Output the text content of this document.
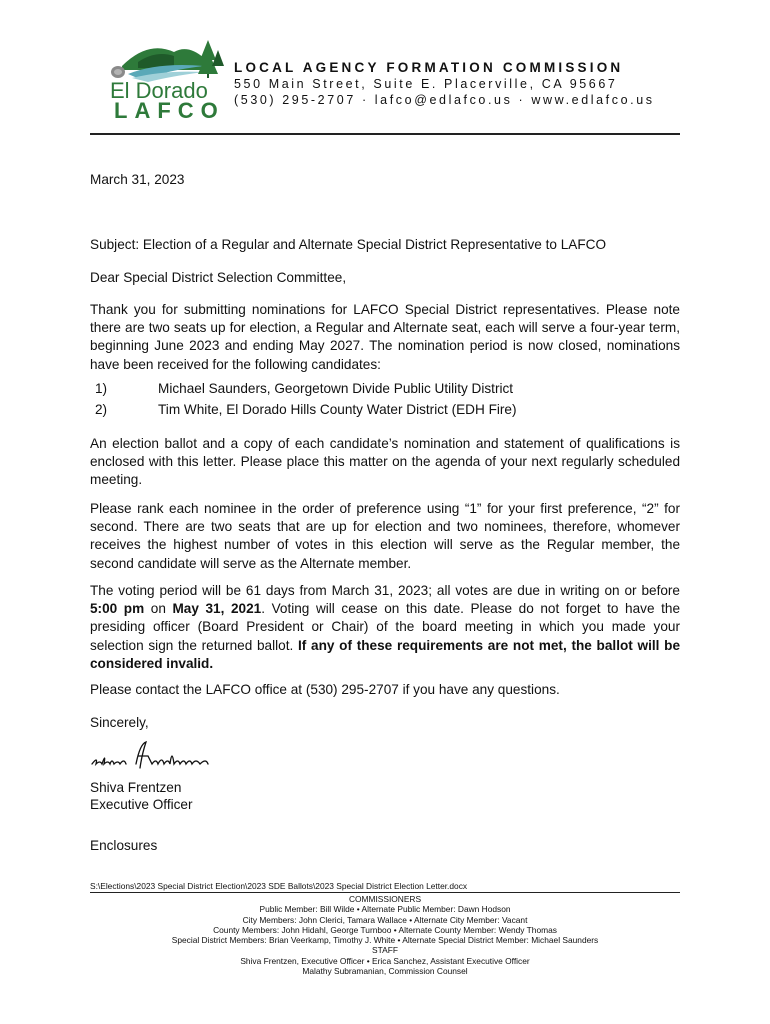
El Dorado
LAFCO
LOCAL AGENCY FORMATION COMMISSION
550 Main Street, Suite E. Placerville, CA 95667
(530) 295-2707 · lafco@edlafco.us · www.edlafco.us
March 31, 2023
Subject: Election of a Regular and Alternate Special District Representative to LAFCO
Dear Special District Selection Committee,
Thank you for submitting nominations for LAFCO Special District representatives. Please note there are two seats up for election, a Regular and Alternate seat, each will serve a four-year term, beginning June 2023 and ending May 2027. The nomination period is now closed, nominations have been received for the following candidates:
1)	Michael Saunders, Georgetown Divide Public Utility District
2)	Tim White, El Dorado Hills County Water District (EDH Fire)
An election ballot and a copy of each candidate’s nomination and statement of qualifications is enclosed with this letter. Please place this matter on the agenda of your next regularly scheduled meeting.
Please rank each nominee in the order of preference using “1” for your first preference, “2” for second. There are two seats that are up for election and two nominees, therefore, whomever receives the highest number of votes in this election will serve as the Regular member, the second candidate will serve as the Alternate member.
The voting period will be 61 days from March 31, 2023; all votes are due in writing on or before 5:00 pm on May 31, 2021. Voting will cease on this date. Please do not forget to have the presiding officer (Board President or Chair) of the board meeting in which you made your selection sign the returned ballot. If any of these requirements are not met, the ballot will be considered invalid.
Please contact the LAFCO office at (530) 295-2707 if you have any questions.
Sincerely,
Shiva Frentzen
Executive Officer
Enclosures
S:\Elections\2023 Special District Election\2023 SDE Ballots\2023 Special District Election Letter.docx
COMMISSIONERS
Public Member: Bill Wilde • Alternate Public Member: Dawn Hodson
City Members: John Clerici, Tamara Wallace • Alternate City Member: Vacant
County Members: John Hidahl, George Turnboo • Alternate County Member: Wendy Thomas
Special District Members: Brian Veerkamp, Timothy J. White • Alternate Special District Member: Michael Saunders
STAFF
Shiva Frentzen, Executive Officer • Erica Sanchez, Assistant Executive Officer
Malathy Subramanian, Commission Counsel
